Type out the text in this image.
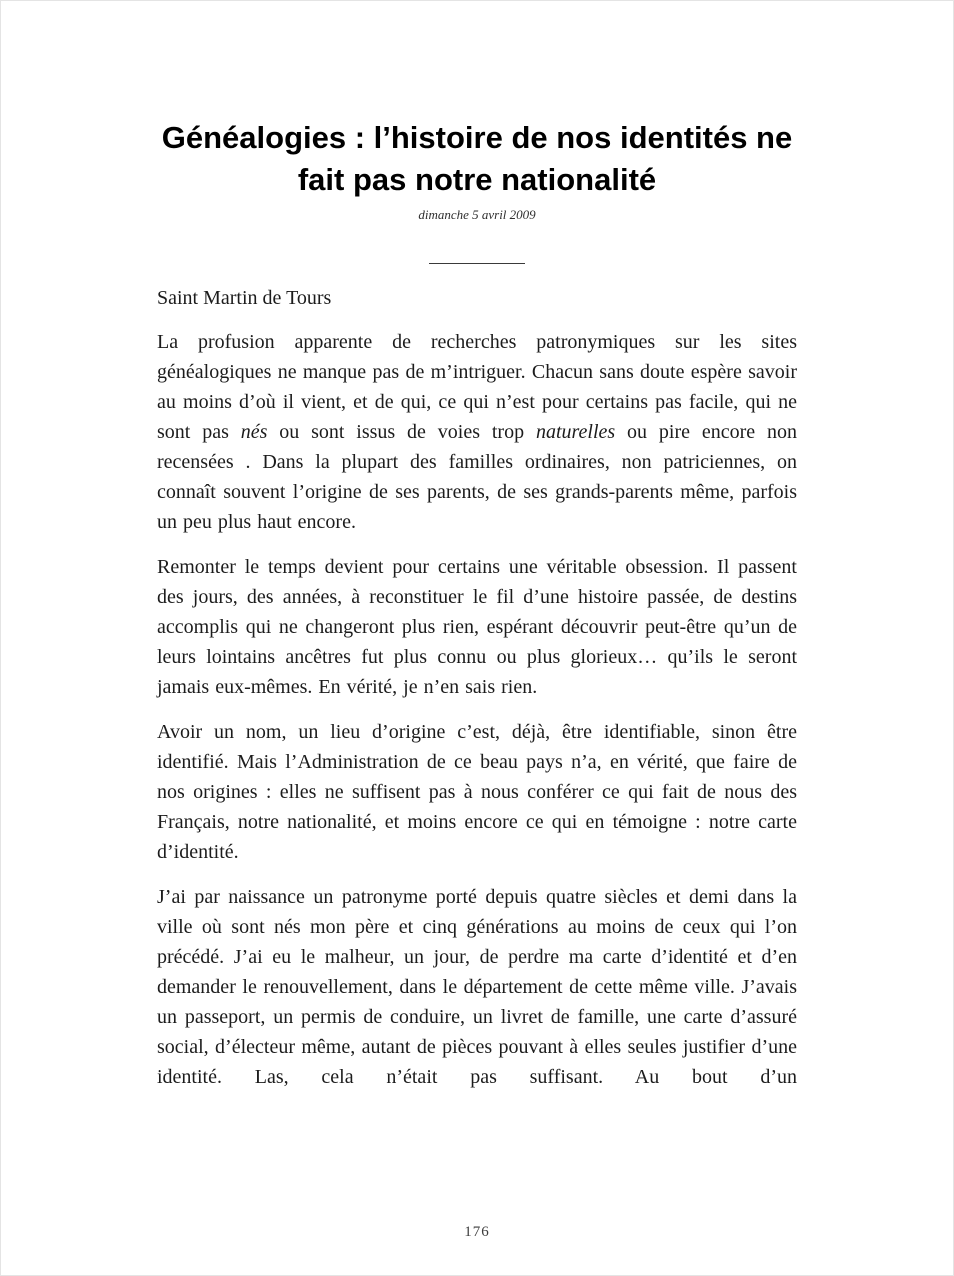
Généalogies : l’histoire de nos identités ne fait pas notre nationalité
dimanche 5 avril 2009

Saint Martin de Tours

La profusion apparente de recherches patronymiques sur les sites généalogiques ne manque pas de m’intriguer. Chacun sans doute espère savoir au moins d’où il vient, et de qui, ce qui n’est pour certains pas facile, qui ne sont pas nés ou sont issus de voies trop naturelles ou pire encore non recensées . Dans la plupart des familles ordinaires, non patriciennes, on connaît souvent l’origine de ses parents, de ses grands-parents même, parfois un peu plus haut encore.

Remonter le temps devient pour certains une véritable obsession. Il passent des jours, des années, à reconstituer le fil d’une histoire passée, de destins accomplis qui ne changeront plus rien, espérant découvrir peut-être qu’un de leurs lointains ancêtres fut plus connu ou plus glorieux… qu’ils le seront jamais eux-mêmes. En vérité, je n’en sais rien.

Avoir un nom, un lieu d’origine c’est, déjà, être identifiable, sinon être identifié. Mais l’Administration de ce beau pays n’a, en vérité, que faire de nos origines : elles ne suffisent pas à nous conférer ce qui fait de nous des Français, notre nationalité, et moins encore ce qui en témoigne : notre carte d’identité.

J’ai par naissance un patronyme porté depuis quatre siècles et demi dans la ville où sont nés mon père et cinq générations au moins de ceux qui l’on précédé. J’ai eu le malheur, un jour, de perdre ma carte d’identité et d’en demander le renouvellement, dans le département de cette même ville. J’avais un passeport, un permis de conduire, un livret de famille, une carte d’assuré social, d’électeur même, autant de pièces pouvant à elles seules justifier d’une identité. Las, cela n’était pas suffisant. Au bout d’un

176
